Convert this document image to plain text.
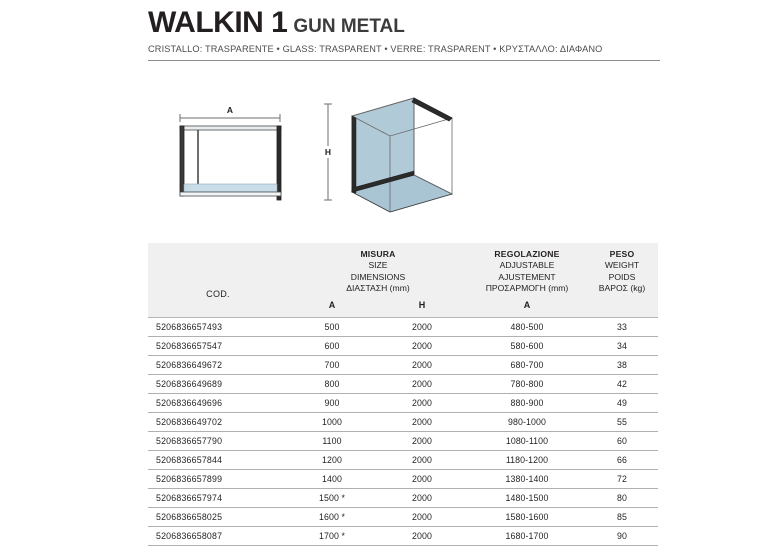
WALKIN 1 GUN METAL
CRISTALLO: TRASPARENTE • GLASS: TRASPARENT • VERRE: TRASPARENT • ΚΡΥΣΤΑΛΛΟ: ΔΙΑΦΑΝΟ
A
H
COD.	
MISURA
SIZE
DIMENSIONS
ΔΙΑΣΤΑΣΗ (mm)

REGOLAZIONE
ADJUSTABLE
AJUSTEMENT
ΠΡΟΣΑΡΜΟΓΗ (mm)

PESO
WEIGHT
POIDS
ΒΑΡΟΣ (kg)

	A	H	A	
5206836657493	500	2000	480-500	33
5206836657547	600	2000	580-600	34
5206836649672	700	2000	680-700	38
5206836649689	800	2000	780-800	42
5206836649696	900	2000	880-900	49
5206836649702	1000	2000	980-1000	55
5206836657790	1100	2000	1080-1100	60
5206836657844	1200	2000	1180-1200	66
5206836657899	1400	2000	1380-1400	72
5206836657974	1500 *	2000	1480-1500	80
5206836658025	1600 *	2000	1580-1600	85
5206836658087	1700 *	2000	1680-1700	90
